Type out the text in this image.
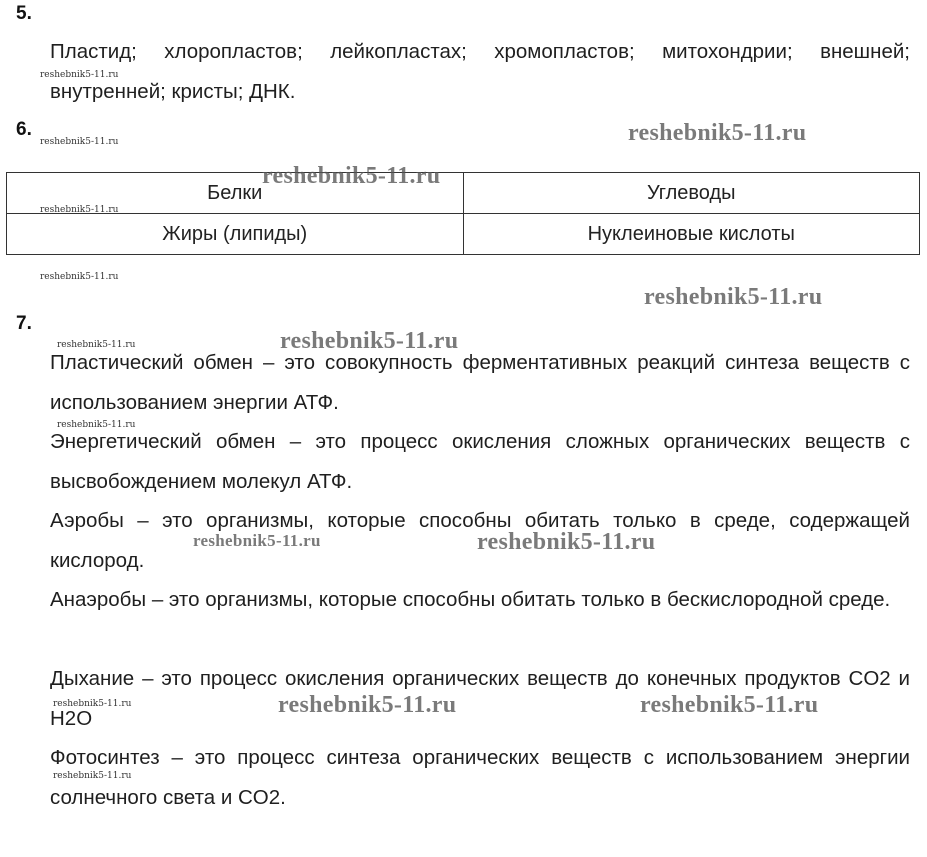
5.
Пластид; хлоропластов; лейкопластах; хромопластов; митохондрии; внешней; внутренней; кристы; ДНК.
6.
Белки	Углеводы
Жиры (липиды)	Нуклеиновые кислоты
7.
Пластический обмен – это совокупность ферментативных реакций синтеза веществ с использованием энергии АТФ.
Энергетический обмен – это процесс окисления сложных органических веществ с высвобождением молекул АТФ.
Аэробы – это организмы, которые способны обитать только в среде, содержащей кислород.
Анаэробы – это организмы, которые способны обитать только в бескислородной среде.
Дыхание – это процесс окисления органических веществ до конечных продуктов CO2 и H2O
Фотосинтез – это процесс синтеза органических веществ с использованием энергии солнечного света и CO2.
reshebnik5-11.ru
reshebnik5-11.ru
reshebnik5-11.ru
reshebnik5-11.ru
reshebnik5-11.ru
reshebnik5-11.ru
reshebnik5-11.ru
reshebnik5-11.ru
reshebnik5-11.ru
reshebnik5-11.ru
reshebnik5-11.ru
reshebnik5-11.ru
reshebnik5-11.ru
reshebnik5-11.ru
reshebnik5-11.ru	reshebnik5-11.ru
